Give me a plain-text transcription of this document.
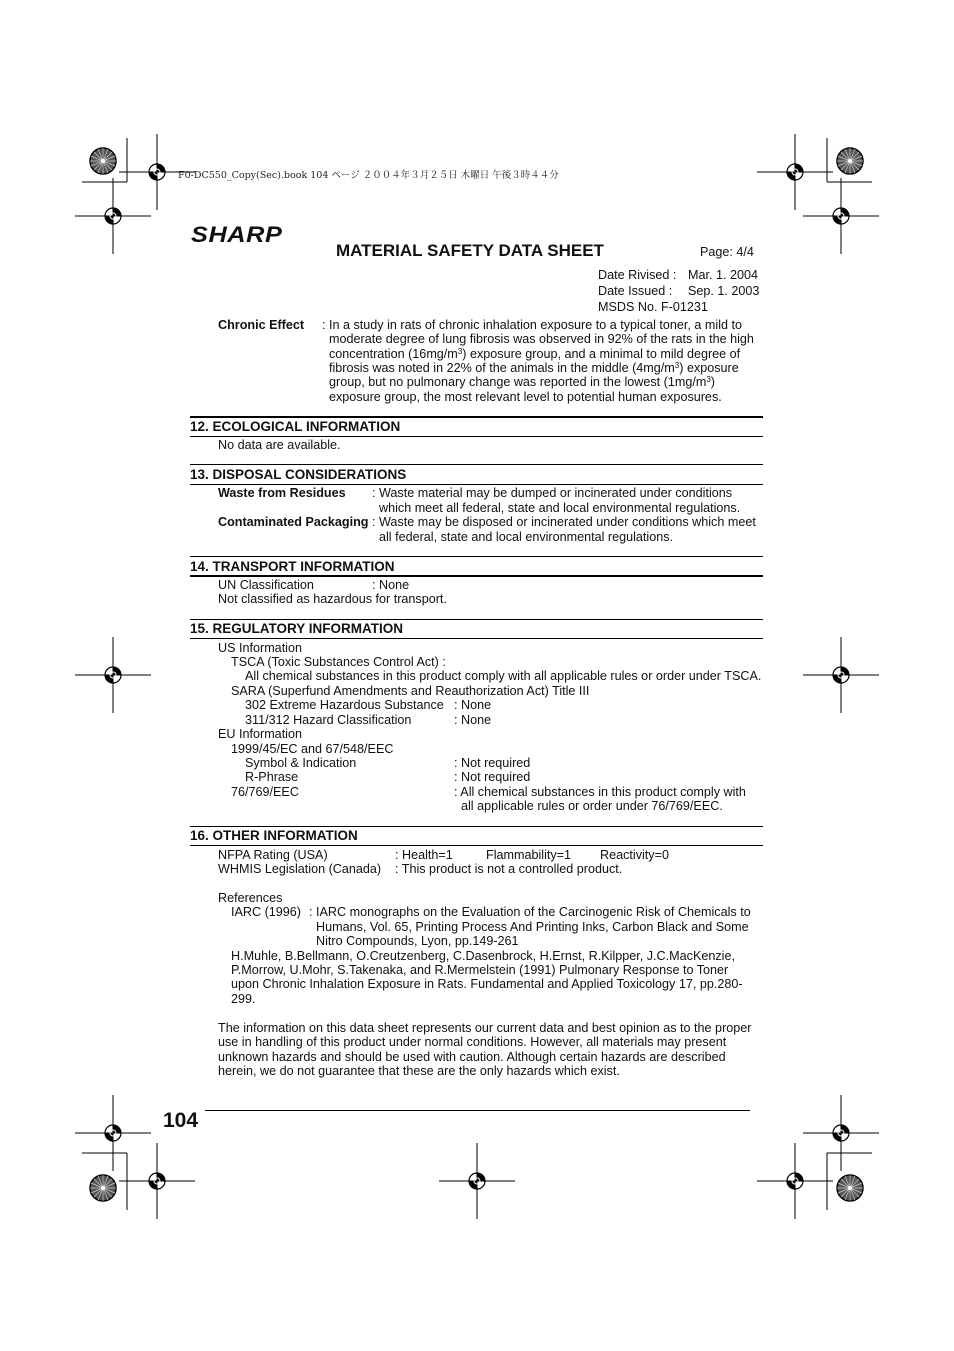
F0-DC550_Copy(Sec).book 104 ページ ２００４年３月２５日 木曜日 午後３時４４分
SHARP
MATERIAL SAFETY DATA SHEET	Page: 4/4
Date Rivised : Mar. 1. 2004
Date Issued : Sep. 1. 2003
MSDS No. F-01231
Chronic Effect : In a study in rats of chronic inhalation exposure to a typical toner, a mild to
moderate degree of lung fibrosis was observed in 92% of the rats in the high
concentration $(16mg/m^3)$ exposure group, and a minimal to mild degree of
fibrosis was noted in 22% of the animals in the middle $(4mg/m^3)$ exposure
group, but no pulmonary change was reported in the lowest $(1mg/m^3)$
exposure group, the most relevant level to potential human exposures.
12. ECOLOGICAL INFORMATION
No data are available.
13. DISPOSAL CONSIDERATIONS
Waste from Residues : Waste material may be dumped or incinerated under conditions
which meet all federal, state and local environmental regulations.
Contaminated Packaging : Waste may be disposed or incinerated under conditions which meet
all federal, state and local environmental regulations.
14. TRANSPORT INFORMATION
UN Classification	: None
Not classified as hazardous for transport.
15. REGULATORY INFORMATION
US Information
TSCA (Toxic Substances Control Act) :
All chemical substances in this product comply with all applicable rules or order under TSCA.
SARA (Superfund Amendments and Reauthorization Act) Title III
302 Extreme Hazardous Substance : None
311/312 Hazard Classification	: None
EU Information
1999/45/EC and 67/548/EEC
Symbol & Indication	: Not required
R-Phrase	: Not required
76/769/EEC	: All chemical substances in this product comply with
all applicable rules or order under 76/769/EEC.
16. OTHER INFORMATION
NFPA Rating (USA)	: Health=1	Flammability=1 Reactivity=0
WHMIS Legislation (Canada) : This product is not a controlled product.
References
IARC (1996) : IARC monographs on the Evaluation of the Carcinogenic Risk of Chemicals to
Humans, Vol. 65, Printing Process And Printing Inks, Carbon Black and Some
Nitro Compounds, Lyon, pp.149-261
H.Muhle, B.Bellmann, O.Creutzenberg, C.Dasenbrock, H.Ernst, R.Kilpper, J.C.MacKenzie,
P.Morrow, U.Mohr, S.Takenaka, and R.Mermelstein (1991) Pulmonary Response to Toner
upon Chronic Inhalation Exposure in Rats. Fundamental and Applied Toxicology 17, pp.280-
299.
The information on this data sheet represents our current data and best opinion as to the proper
use in handling of this product under normal conditions. However, all materials may present
unknown hazards and should be used with caution. Although certain hazards are described
herein, we do not guarantee that these are the only hazards which exist.
104
